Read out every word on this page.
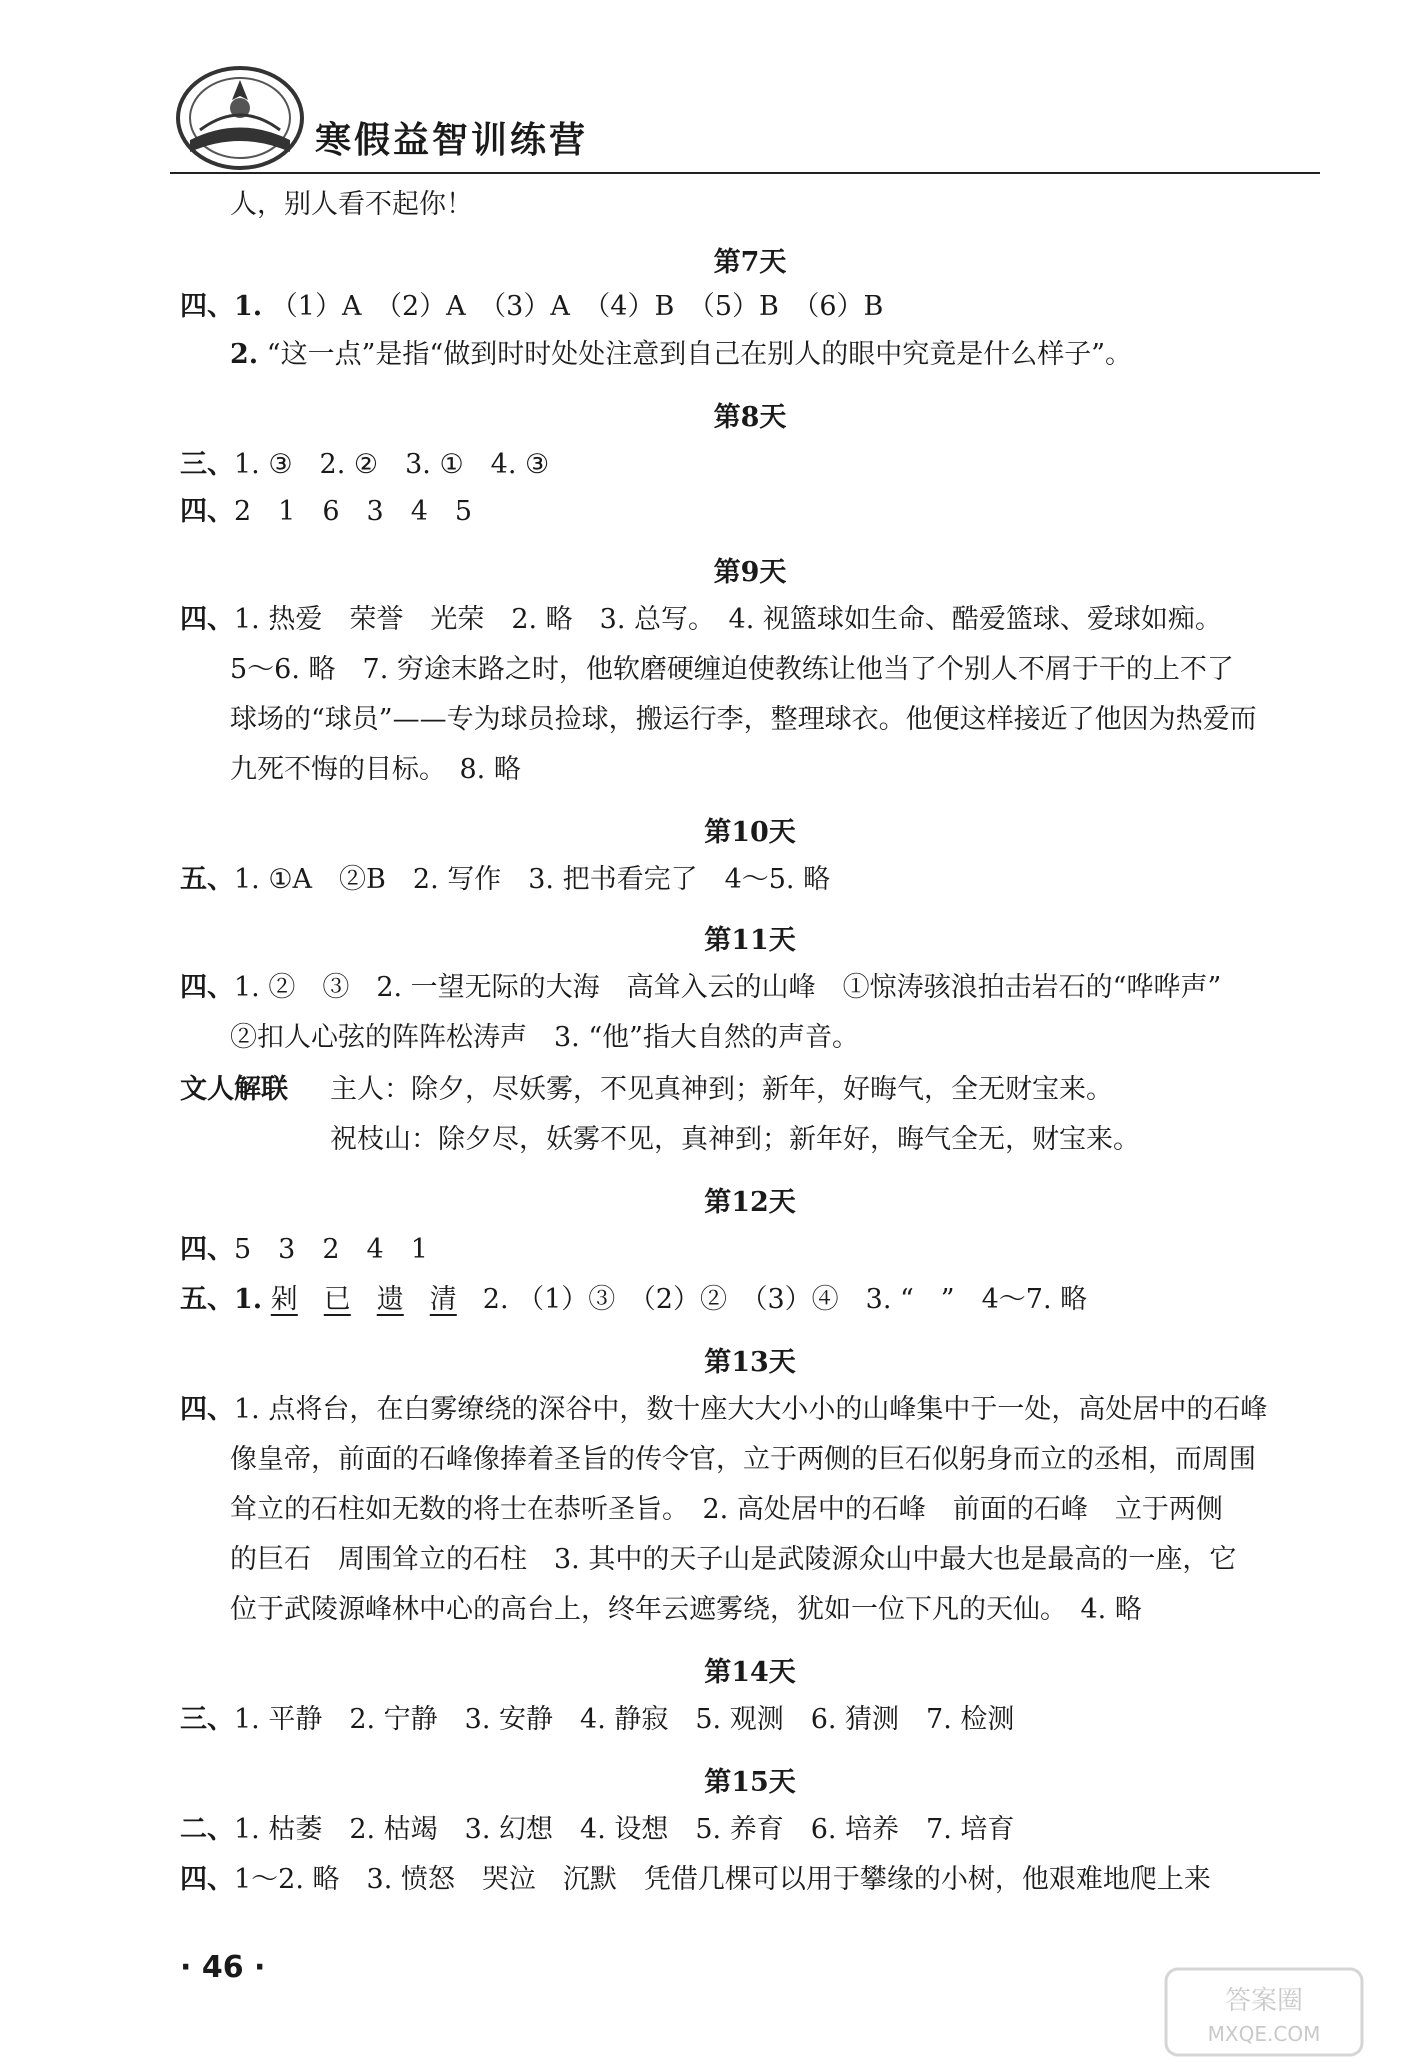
寒假益智训练营
人，别人看不起你！
第7天
四、1. （1）A　（2）A　（3）A　（4）B　（5）B　（6）B
2. “这一点”是指“做到时时处处注意到自己在别人的眼中究竟是什么样子”。
第8天
三、1. ③　2. ②　3. ①　4. ③
四、2　1　6　3　4　5
第9天
四、1. 热爱　荣誉　光荣　2. 略　3. 总写。　4. 视篮球如生命、酷爱篮球、爱球如痴。
5～6. 略　7. 穷途末路之时，他软磨硬缠迫使教练让他当了个别人不屑于干的上不了
球场的“球员”——专为球员捡球，搬运行李，整理球衣。他便这样接近了他因为热爱而
九死不悔的目标。　8. 略
第10天
五、1. ①A　②B　2. 写作　3. 把书看完了　4～5. 略
第11天
四、1. ②　③　2. 一望无际的大海　高耸入云的山峰　①惊涛骇浪拍击岩石的“哗哗声”
②扣人心弦的阵阵松涛声　3. “他”指大自然的声音。
文人解联 主人：除夕，尽妖雾，不见真神到；新年，好晦气，全无财宝来。
祝枝山：除夕尽，妖雾不见，真神到；新年好，晦气全无，财宝来。
第12天
四、5　3　2　4　1
五、1. 剁 已 遗 清 2. （1）③　（2）②　（3）④　3. “　”　4～7. 略
第13天
四、1. 点将台，在白雾缭绕的深谷中，数十座大大小小的山峰集中于一处，高处居中的石峰
像皇帝，前面的石峰像捧着圣旨的传令官，立于两侧的巨石似躬身而立的丞相，而周围
耸立的石柱如无数的将士在恭听圣旨。　2. 高处居中的石峰　前面的石峰　立于两侧
的巨石　周围耸立的石柱　3. 其中的天子山是武陵源众山中最大也是最高的一座，它
位于武陵源峰林中心的高台上，终年云遮雾绕，犹如一位下凡的天仙。　4. 略
第14天
三、1. 平静　2. 宁静　3. 安静　4. 静寂　5. 观测　6. 猜测　7. 检测
第15天
二、1. 枯萎　2. 枯竭　3. 幻想　4. 设想　5. 养育　6. 培养　7. 培育
四、1～2. 略　3. 愤怒　哭泣　沉默　凭借几棵可以用于攀缘的小树，他艰难地爬上来
· 46 ·
答案圈
MXQE.COM
